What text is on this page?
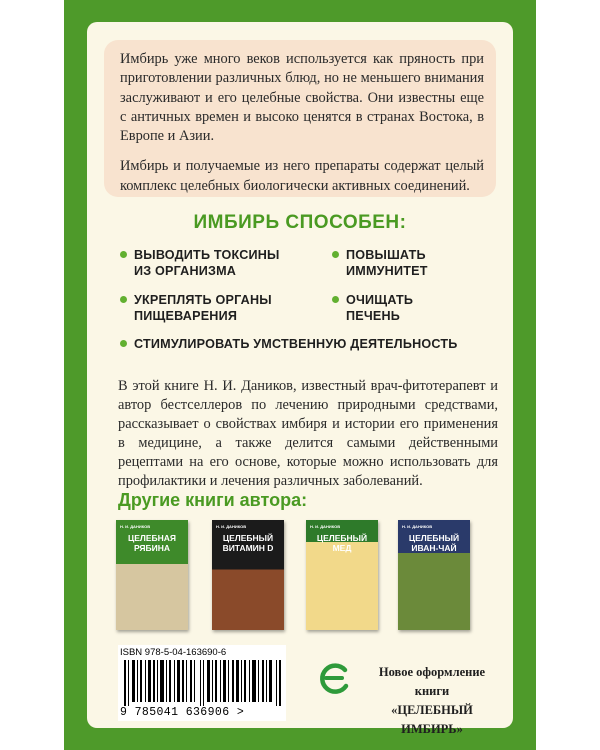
Имбирь уже много веков используется как пряность при приготовлении различных блюд, но не меньшего внимания заслуживают и его целебные свойства. Они известны еще с античных времен и высоко ценятся в странах Востока, в Европе и Азии.

Имбирь и получаемые из него препараты содержат целый комплекс целебных биологически активных соединений.

ИМБИРЬ СПОСОБЕН:
ВЫВОДИТЬ ТОКСИНЫ
ИЗ ОРГАНИЗМА
ПОВЫШАТЬ
ИММУНИТЕТ
УКРЕПЛЯТЬ ОРГАНЫ
ПИЩЕВАРЕНИЯ
ОЧИЩАТЬ
ПЕЧЕНЬ
СТИМУЛИРОВАТЬ УМСТВЕННУЮ ДЕЯТЕЛЬНОСТЬ
В этой книге Н. И. Даников, известный врач-фитотерапевт и автор бестселлеров по лечению природными средствами, рассказывает о свойствах имбиря и истории его применения в медицине, а также делится самыми действенными рецептами на его основе, которые можно использовать для профилактики и лечения различных заболеваний.
Другие книги автора:
Н. И. ДАНИКОВ
ЦЕЛЕБНАЯ РЯБИНА
Н. И. ДАНИКОВ
ЦЕЛЕБНЫЙ ВИТАМИН D
Н. И. ДАНИКОВ
ЦЕЛЕБНЫЙ МЕД
Н. И. ДАНИКОВ
ЦЕЛЕБНЫЙ ИВАН-ЧАЙ
ISBN 978-5-04-163690-6
9 785041 636906 >
Новое оформление книги
«ЦЕЛЕБНЫЙ ИМБИРЬ»
